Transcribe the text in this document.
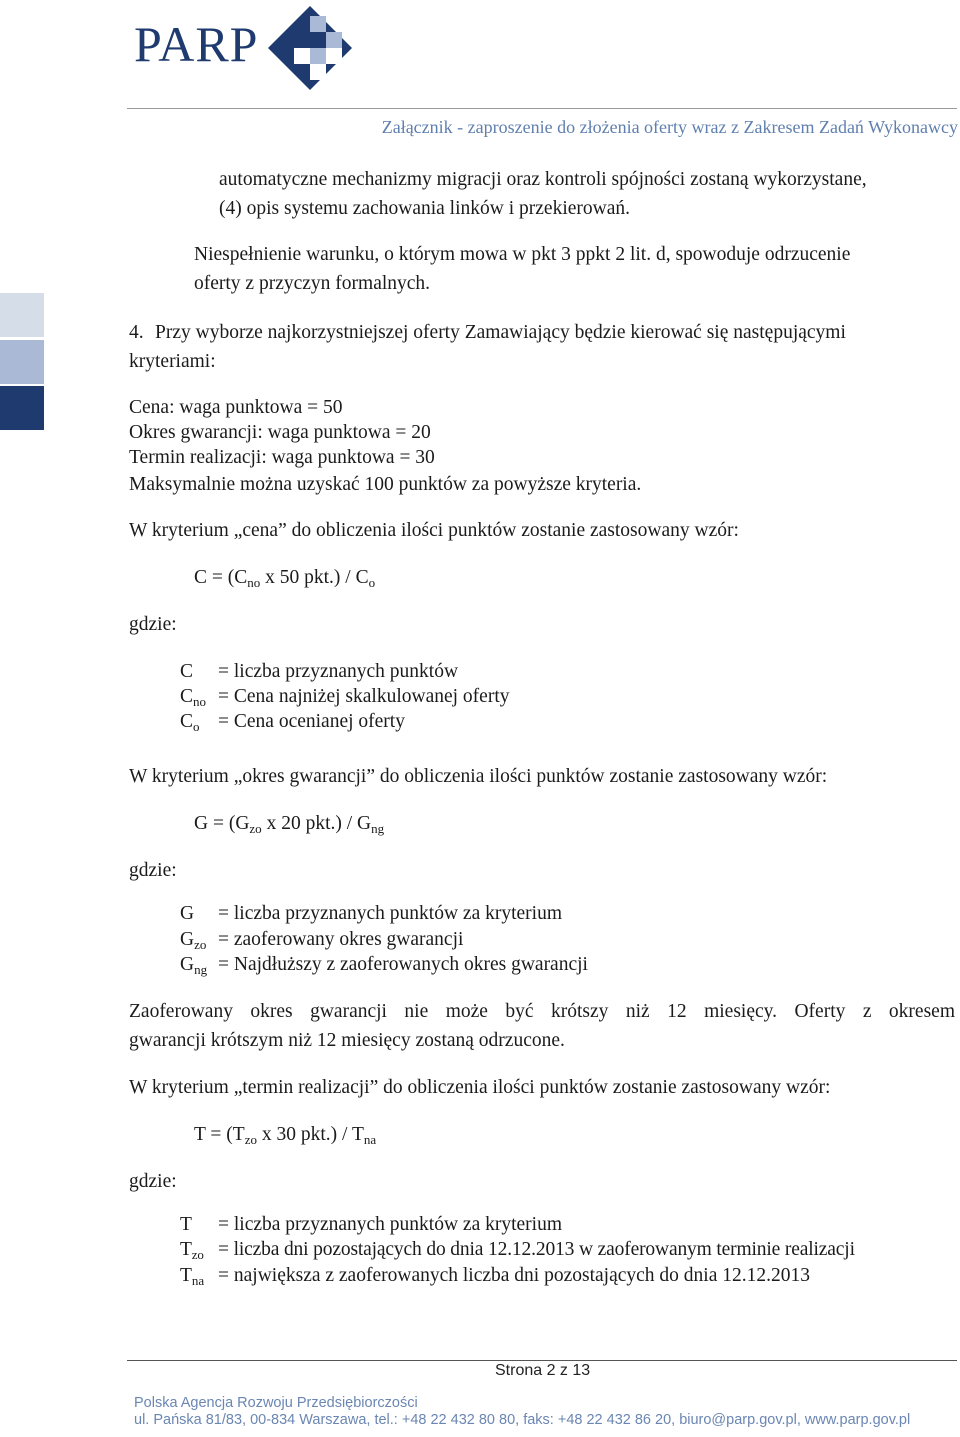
PARP
Załącznik - zaproszenie do złożenia oferty wraz z Zakresem Zadań Wykonawcy
automatyczne mechanizmy migracji oraz kontroli spójności zostaną wykorzystane,
(4) opis systemu zachowania linków i przekierowań.
Niespełnienie warunku, o którym mowa w pkt 3 ppkt 2 lit. d, spowoduje odrzucenie
oferty z przyczyn formalnych.
4. Przy wyborze najkorzystniejszej oferty Zamawiający będzie kierować się następującymi
kryteriami:
Cena: waga punktowa = 50
Okres gwarancji: waga punktowa = 20
Termin realizacji: waga punktowa = 30
Maksymalnie można uzyskać 100 punktów za powyższe kryteria.
W kryterium „cena” do obliczenia ilości punktów zostanie zastosowany wzór:
$C = (C_{no}$ x 50 $pkt.) / C_o$
gdzie:
C = liczba przyznanych punktów
$C_{no}$ = Cena najniżej skalkulowanej oferty
$C_o$ = Cena ocenianej oferty
W kryterium „okres gwarancji” do obliczenia ilości punktów zostanie zastosowany wzór:
$G = (G_{zo}$ x 20 $pkt.) / G_{ng}$
gdzie:
G = liczba przyznanych punktów za kryterium
$G_{zo}$ = zaoferowany okres gwarancji
$G_{ng}$ = Najdłuższy z zaoferowanych okres gwarancji
Zaoferowany okres gwarancji nie może być krótszy niż 12 miesięcy. Oferty z okresem
gwarancji krótszym niż 12 miesięcy zostaną odrzucone.
W kryterium „termin realizacji” do obliczenia ilości punktów zostanie zastosowany wzór:
$T = (T_{zo}$ x 30 $pkt.) / T_{na}$
gdzie:
T = liczba przyznanych punktów za kryterium
$T_{zo}$ = liczba dni pozostających do dnia 12.12.2013 w zaoferowanym terminie realizacji
$T_{na}$ = największa z zaoferowanych liczba dni pozostających do dnia 12.12.2013
Strona 2 z 13
Polska Agencja Rozwoju Przedsiębiorczości
ul. Pańska 81/83, 00-834 Warszawa, tel.: +48 22 432 80 80, faks: +48 22 432 86 20, biuro@parp.gov.pl, www.parp.gov.pl
